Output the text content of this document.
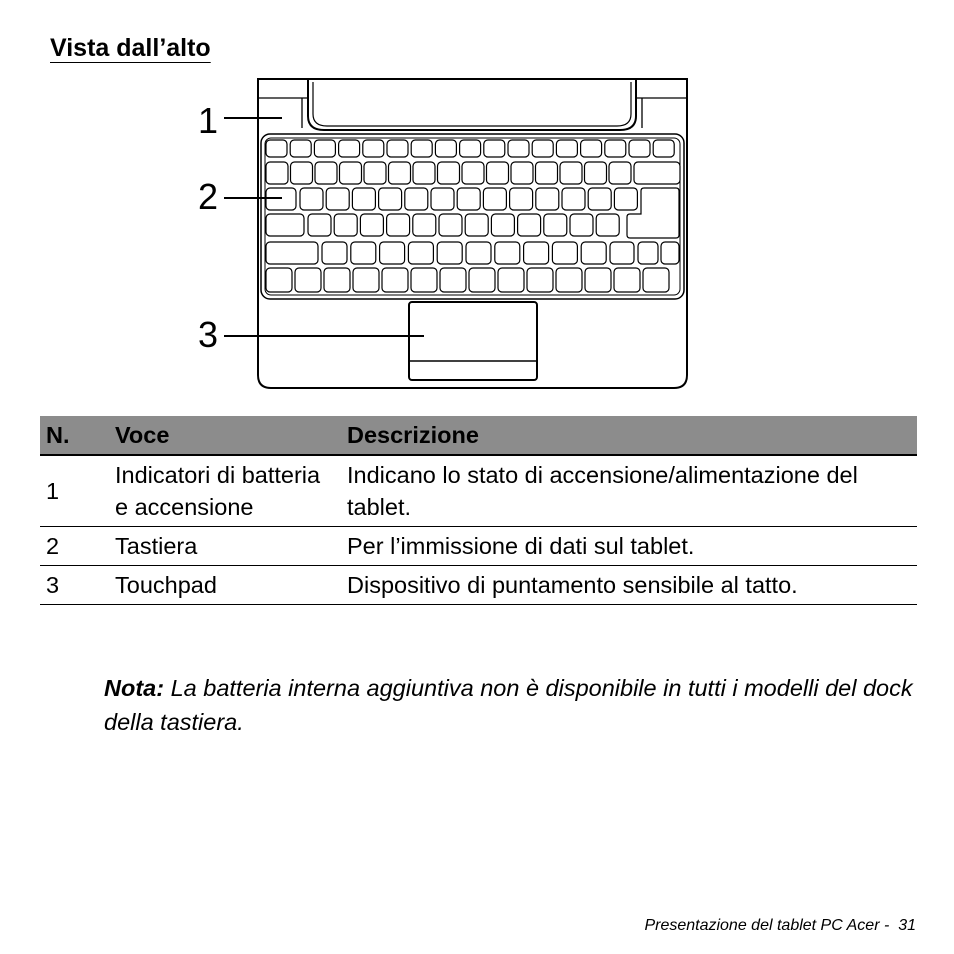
Vista dall’alto
1
2
3
N.	Voce	Descrizione
1	Indicatori di batteria e accensione	Indicano lo stato di accensione/alimentazione del tablet.
2	Tastiera	Per l’immissione di dati sul tablet.
3	Touchpad	Dispositivo di puntamento sensibile al tatto.

Nota: La batteria interna aggiuntiva non è disponibile in tutti i modelli del dock della tastiera.

Presentazione del tablet PC Acer - 31
